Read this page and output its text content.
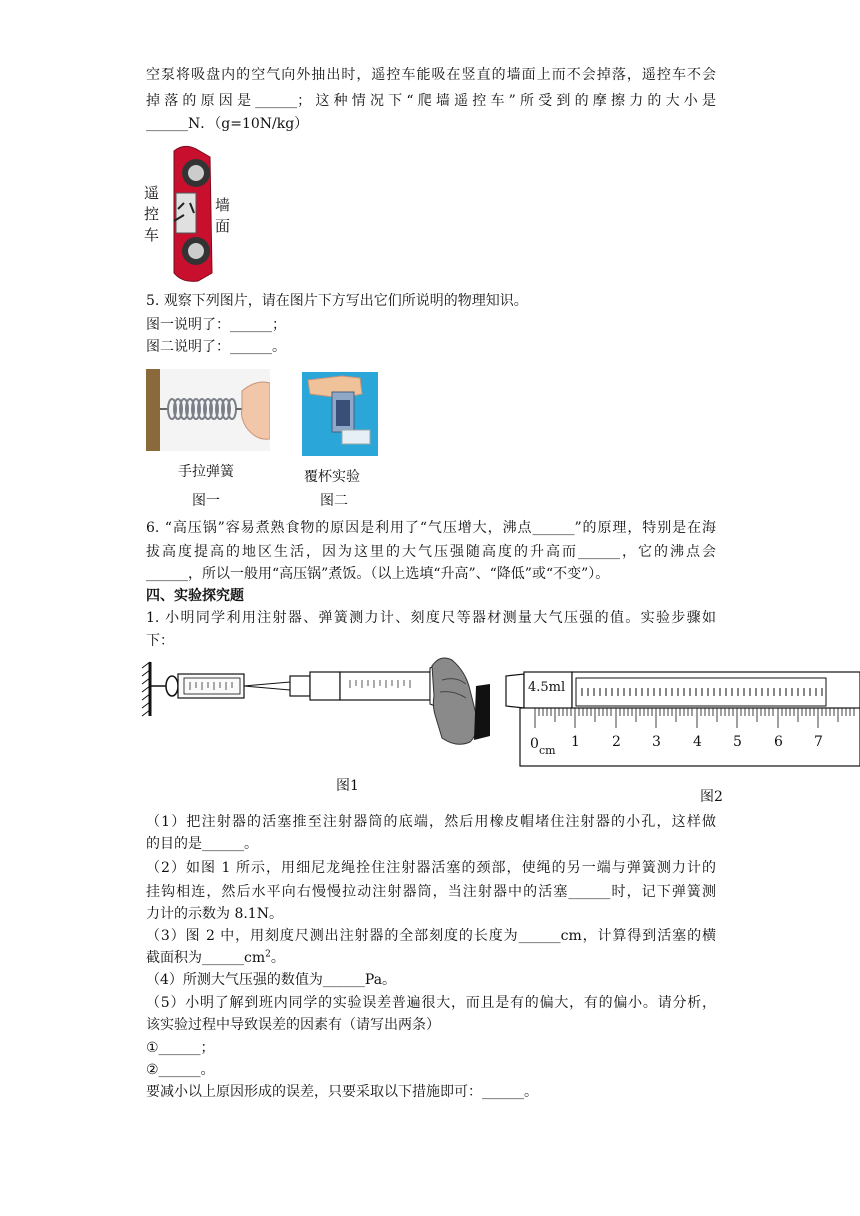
空泵将吸盘内的空气向外抽出时，遥控车能吸在竖直的墙面上而不会掉落，遥控车不会
掉落的原因是______；这种情况下“爬墙遥控车”所受到的摩擦力的大小是
______N．（g=10N/kg）
遥控车
墙面
5. 观察下列图片，请在图片下方写出它们所说明的物理知识。
图一说明了：______；
图二说明了：______。
手拉弹簧
图一
覆杯实验
图二
6. “高压锅”容易煮熟食物的原因是利用了“气压增大，沸点______”的原理，特别是在海
拔高度提高的地区生活，因为这里的大气压强随高度的升高而______，它的沸点会
______，所以一般用“高压锅”煮饭。（以上选填“升高”、“降低”或“不变”）。
四、实验探究题
1. 小明同学利用注射器、弹簧测力计、刻度尺等器材测量大气压强的值。实验步骤如
下：
图1
4.5ml
0 cm
1 2 3 4 5 6 7
图2
（1）把注射器的活塞推至注射器筒的底端，然后用橡皮帽堵住注射器的小孔，这样做
的目的是______。
（2）如图 1 所示，用细尼龙绳拴住注射器活塞的颈部，使绳的另一端与弹簧测力计的
挂钩相连，然后水平向右慢慢拉动注射器筒，当注射器中的活塞______时，记下弹簧测
力计的示数为 8.1N。
（3）图 2 中，用刻度尺测出注射器的全部刻度的长度为______cm，计算得到活塞的横
截面积为$\_\_\_\_\_\_cm^2$。
（4）所测大气压强的数值为______Pa。
（5）小明了解到班内同学的实验误差普遍很大，而且是有的偏大，有的偏小。请分析，
该实验过程中导致误差的因素有（请写出两条）
①______；
②______。
要减小以上原因形成的误差，只要采取以下措施即可：______。
